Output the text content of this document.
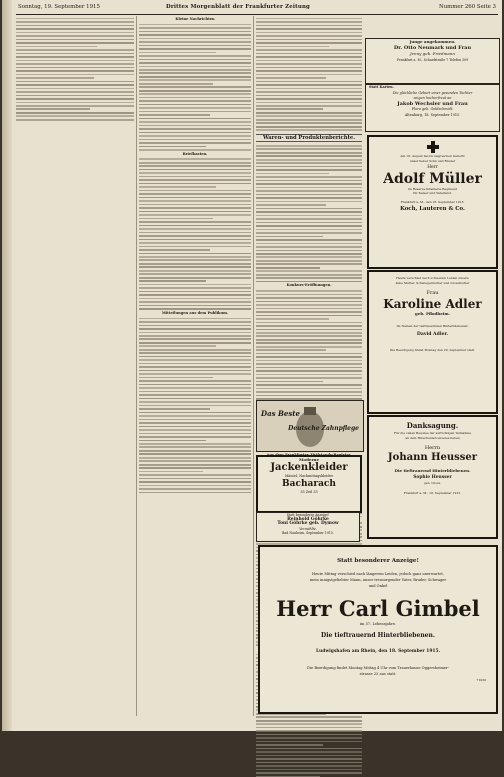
Sonntag, 19. September 1915	Drittes Morgenblatt der Frankfurter Zeitung	Nummer 260 Seite 3
Kleine Nachrichten
Briefkasten.
Mitteilungen aus dem Publikum.
Waren- und Produktenberichte.
Konkurs-Eröffnungen.
Junge angekommen.
Dr. Otto Neumark und Frau
Jenny geb. Friedmann
Frankfurt a. M., Schaefstraße 7 Telefon 309
Statt Karten.
Die glückliche Geburt einer gesunden Tochter
zeigen hocherfreut an
Jakob Wechsler und Frau
Flora geb. Goldschmidt.
Altenburg, 18. September 1915.
Am 18. August fiel im siegreichen Gefecht
unser lieber Sohn und Bruder
Herr
Adolf Müller
im Reserve-Infanterie-Regiment
für Kaiser und Vaterland.
Frankfurt a. M., den 18. September 1915.
Koch, Lauteren & Co.
Heute verschied nach schwerem Leiden unsere
liebe Mutter, Schwiegermutter und Grossmutter
Frau
Karoline Adler
geb. Pflodheim.
Im Namen der tieftrauernden Hinterbliebenen:
David Adler.
Die Beerdigung findet Montag den 20. September statt.
Danksagung.
Für die vielen Beweise der aufrichtigen Teilnahme
an dem Hinscheiden unseres lieben
Herrn
Johann Heusser
Die tieftrauernd Hinterbliebenen.
Sophie Heusser
geb. Gross.
Frankfurt a. M., 18. September 1915.
Das Beste
Deutsche Zahnpflege
Moderne
Jackenkleider
Mäntel, Nachmittagskleider
Bacharach
35 Zeil 35
Statt besonderer Anzeige!
Reinhold Göhrke
Toni Göhrke geb. Dymow
Vermählte.
Bad Nauheim, September 1915.
Statt besonderer Anzeige!
Heute Mittag verschied nach längerem Leiden, jedoch ganz unerwartet,
mein innigstgeliebter Mann, unser treusorgender Vater, Bruder, Schwager
und Onkel
Herr Carl Gimbel
im 57. Lebensjahre.
Die tieftrauernd Hinterbliebenen.
Ludwigshafen am Rhein, den 18. September 1915.
Die Beerdigung findet Montag Mittag 4 Uhr vom Trauerhause Oggersheimer-
strasse 23 aus statt.
71030
